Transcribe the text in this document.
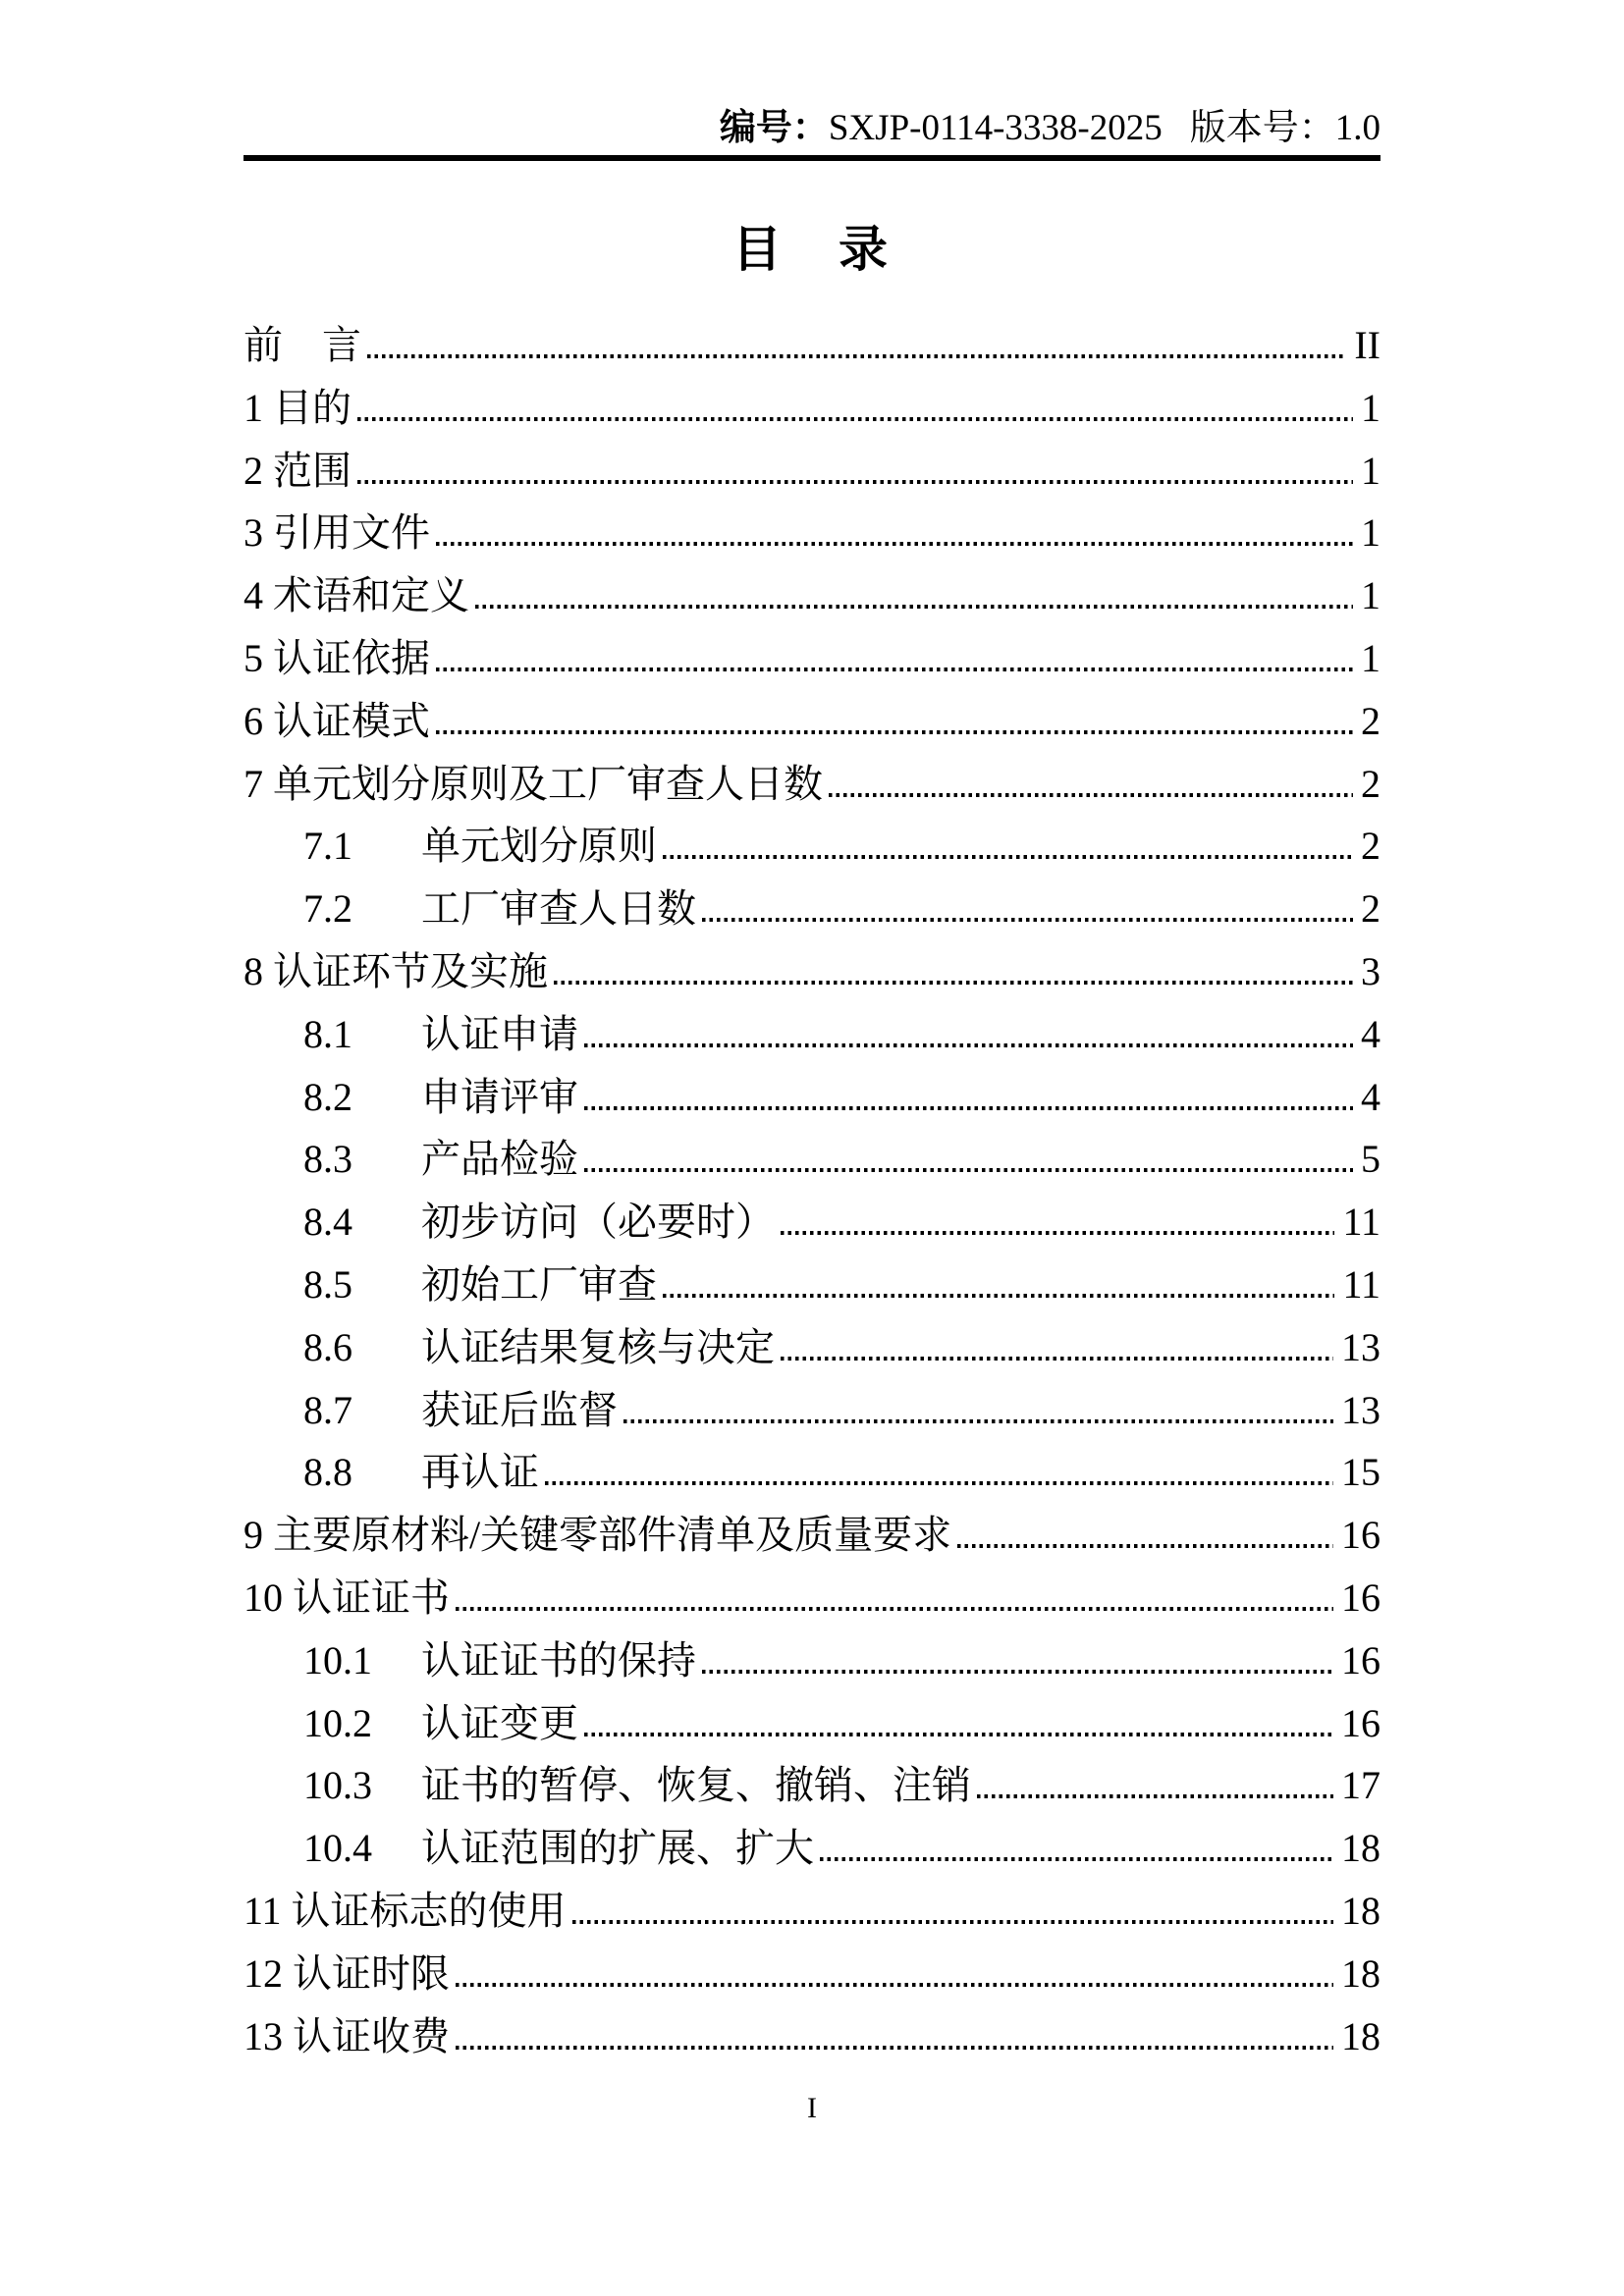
编号：SXJP-0114-3338-2025 版本号：1.0
目　录
前　言	II
1 目的	1
2 范围	1
3 引用文件	1
4 术语和定义	1
5 认证依据	1
6 认证模式	2
7 单元划分原则及工厂审查人日数	2
7.1	单元划分原则	2
7.2	工厂审查人日数	2
8 认证环节及实施	3
8.1	认证申请	4
8.2	申请评审	4
8.3	产品检验	5
8.4	初步访问（必要时）	11
8.5	初始工厂审查	11
8.6	认证结果复核与决定	13
8.7	获证后监督	13
8.8	再认证	15
9 主要原材料/关键零部件清单及质量要求	16
10 认证证书	16
10.1	认证证书的保持	16
10.2	认证变更	16
10.3	证书的暂停、恢复、撤销、注销	17
10.4	认证范围的扩展、扩大	18
11 认证标志的使用	18
12 认证时限	18
13 认证收费	18
I
